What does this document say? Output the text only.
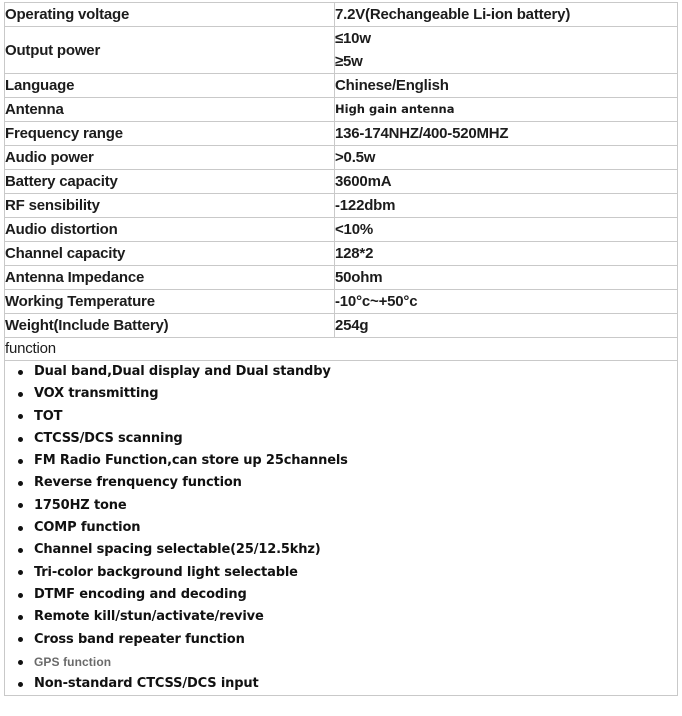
Operating voltage	7.2V(Rechangeable Li-ion battery)
Output power	≤10w
≥5w

Language	Chinese/English
Antenna	High gain antenna
Frequency range	136-174NHZ/400-520MHZ
Audio power	>0.5w
Battery capacity	3600mA
RF sensibility	-122dbm
Audio distortion	<10%
Channel capacity	128*2
Antenna Impedance	50ohm
Working Temperature	-10°c~+50°c
Weight(Include Battery)	254g
function	

Dual band,Dual display and Dual standby
VOX transmitting
TOT
CTCSS/DCS scanning
FM Radio Function,can store up 25channels
Reverse frenquency function
1750HZ tone
COMP function
Channel spacing selectable(25/12.5khz)
Tri-color background light selectable
DTMF encoding and decoding
Remote kill/stun/activate/revive
Cross band repeater function
GPS function
Non-standard CTCSS/DCS input
